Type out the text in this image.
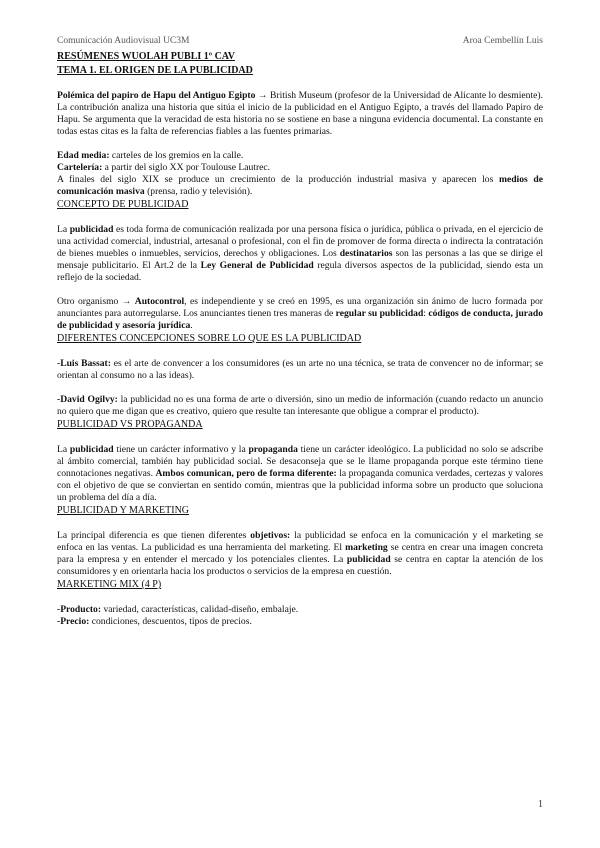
Comunicación Audiovisual UC3M	Aroa Cembellín Luis

RESÚMENES WUOLAH PUBLI 1º CAV

TEMA 1. EL ORIGEN DE LA PUBLICIDAD

Polémica del papiro de Hapu del Antiguo Egipto → British Museum (profesor de la Universidad de Alicante lo desmiente). La contribución analiza una historia que sitúa el inicio de la publicidad en el Antiguo Egipto, a través del llamado Papiro de Hapu. Se argumenta que la veracidad de esta historia no se sostiene en base a ninguna evidencia documental. La constante en todas estas citas es la falta de referencias fiables a las fuentes primarias.

Edad media: carteles de los gremios en la calle.

Cartelería: a partir del siglo XX por Toulouse Lautrec.

A finales del siglo XIX se produce un crecimiento de la producción industrial masiva y aparecen los medios de comunicación masiva (prensa, radio y televisión).

CONCEPTO DE PUBLICIDAD

La publicidad es toda forma de comunicación realizada por una persona física o jurídica, pública o privada, en el ejercicio de una actividad comercial, industrial, artesanal o profesional, con el fin de promover de forma directa o indirecta la contratación de bienes muebles o inmuebles, servicios, derechos y obligaciones. Los destinatarios son las personas a las que se dirige el mensaje publicitario. El Art.2 de la Ley General de Publicidad regula diversos aspectos de la publicidad, siendo esta un reflejo de la sociedad.

Otro organismo → Autocontrol, es independiente y se creó en 1995, es una organización sin ánimo de lucro formada por anunciantes para autorregularse. Los anunciantes tienen tres maneras de regular su publicidad: códigos de conducta, jurado de publicidad y asesoría jurídica.

DIFERENTES CONCEPCIONES SOBRE LO QUE ES LA PUBLICIDAD

-Luis Bassat: es el arte de convencer a los consumidores (es un arte no una técnica, se trata de convencer no de informar; se orientan al consumo no a las ideas).

-David Ogilvy: la publicidad no es una forma de arte o diversión, sino un medio de información (cuando redacto un anuncio no quiero que me digan que es creativo, quiero que resulte tan interesante que obligue a comprar el producto).

PUBLICIDAD VS PROPAGANDA

La publicidad tiene un carácter informativo y la propaganda tiene un carácter ideológico. La publicidad no solo se adscribe al ámbito comercial, también hay publicidad social. Se desaconseja que se le llame propaganda porque este término tiene connotaciones negativas. Ambos comunican, pero de forma diferente: la propaganda comunica verdades, certezas y valores con el objetivo de que se conviertan en sentido común, mientras que la publicidad informa sobre un producto que soluciona un problema del día a día.

PUBLICIDAD Y MARKETING

La principal diferencia es que tienen diferentes objetivos: la publicidad se enfoca en la comunicación y el marketing se enfoca en las ventas. La publicidad es una herramienta del marketing. El marketing se centra en crear una imagen concreta para la empresa y en entender el mercado y los potenciales clientes. La publicidad se centra en captar la atención de los consumidores y en orientarla hacia los productos o servicios de la empresa en cuestión.

MARKETING MIX (4 P)

-Producto: variedad, características, calidad-diseño, embalaje.

-Precio: condiciones, descuentos, tipos de precios.

1
